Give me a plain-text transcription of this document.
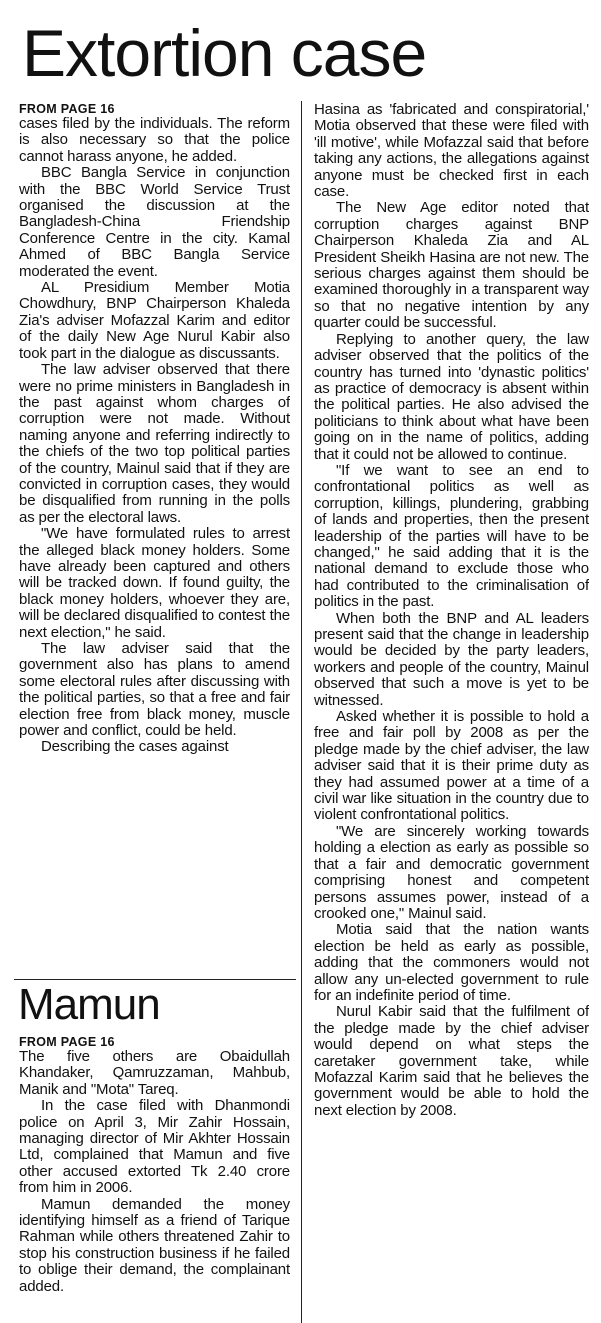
Extortion case
FROM PAGE 16

cases filed by the individuals. The reform is also necessary so that the police cannot harass anyone, he added.

BBC Bangla Service in conjunction with the BBC World Service Trust organised the discussion at the Bangladesh-China Friendship Conference Centre in the city. Kamal Ahmed of BBC Bangla Service moderated the event.

AL Presidium Member Motia Chowdhury, BNP Chairperson Khaleda Zia's adviser Mofazzal Karim and editor of the daily New Age Nurul Kabir also took part in the dialogue as discussants.

The law adviser observed that there were no prime ministers in Bangladesh in the past against whom charges of corruption were not made. Without naming anyone and referring indirectly to the chiefs of the two top political parties of the country, Mainul said that if they are convicted in corruption cases, they would be disqualified from running in the polls as per the electoral laws.

"We have formulated rules to arrest the alleged black money holders. Some have already been captured and others will be tracked down. If found guilty, the black money holders, whoever they are, will be declared disqualified to contest the next election," he said.

The law adviser said that the government also has plans to amend some electoral rules after discussing with the political parties, so that a free and fair election free from black money, muscle power and conflict, could be held.

Describing the cases against

Mamun
FROM PAGE 16

The five others are Obaidullah Khandaker, Qamruzzaman, Mahbub, Manik and "Mota" Tareq.

In the case filed with Dhanmondi police on April 3, Mir Zahir Hossain, managing director of Mir Akhter Hossain Ltd, complained that Mamun and five other accused extorted Tk 2.40 crore from him in 2006.

Mamun demanded the money identifying himself as a friend of Tarique Rahman while others threatened Zahir to stop his construction business if he failed to oblige their demand, the complainant added.

Hasina as 'fabricated and conspiratorial,' Motia observed that these were filed with 'ill motive', while Mofazzal said that before taking any actions, the allegations against anyone must be checked first in each case.

The New Age editor noted that corruption charges against BNP Chairperson Khaleda Zia and AL President Sheikh Hasina are not new. The serious charges against them should be examined thoroughly in a transparent way so that no negative intention by any quarter could be successful.

Replying to another query, the law adviser observed that the politics of the country has turned into 'dynastic politics' as practice of democracy is absent within the political parties. He also advised the politicians to think about what have been going on in the name of politics, adding that it could not be allowed to continue.

"If we want to see an end to confrontational politics as well as corruption, killings, plundering, grabbing of lands and properties, then the present leadership of the parties will have to be changed," he said adding that it is the national demand to exclude those who had contributed to the criminalisation of politics in the past.

When both the BNP and AL leaders present said that the change in leadership would be decided by the party leaders, workers and people of the country, Mainul observed that such a move is yet to be witnessed.

Asked whether it is possible to hold a free and fair poll by 2008 as per the pledge made by the chief adviser, the law adviser said that it is their prime duty as they had assumed power at a time of a civil war like situation in the country due to violent confrontational politics.

"We are sincerely working towards holding a election as early as possible so that a fair and democratic government comprising honest and competent persons assumes power, instead of a crooked one," Mainul said.

Motia said that the nation wants election be held as early as possible, adding that the commoners would not allow any un-elected government to rule for an indefinite period of time.

Nurul Kabir said that the fulfilment of the pledge made by the chief adviser would depend on what steps the caretaker government take, while Mofazzal Karim said that he believes the government would be able to hold the next election by 2008.
